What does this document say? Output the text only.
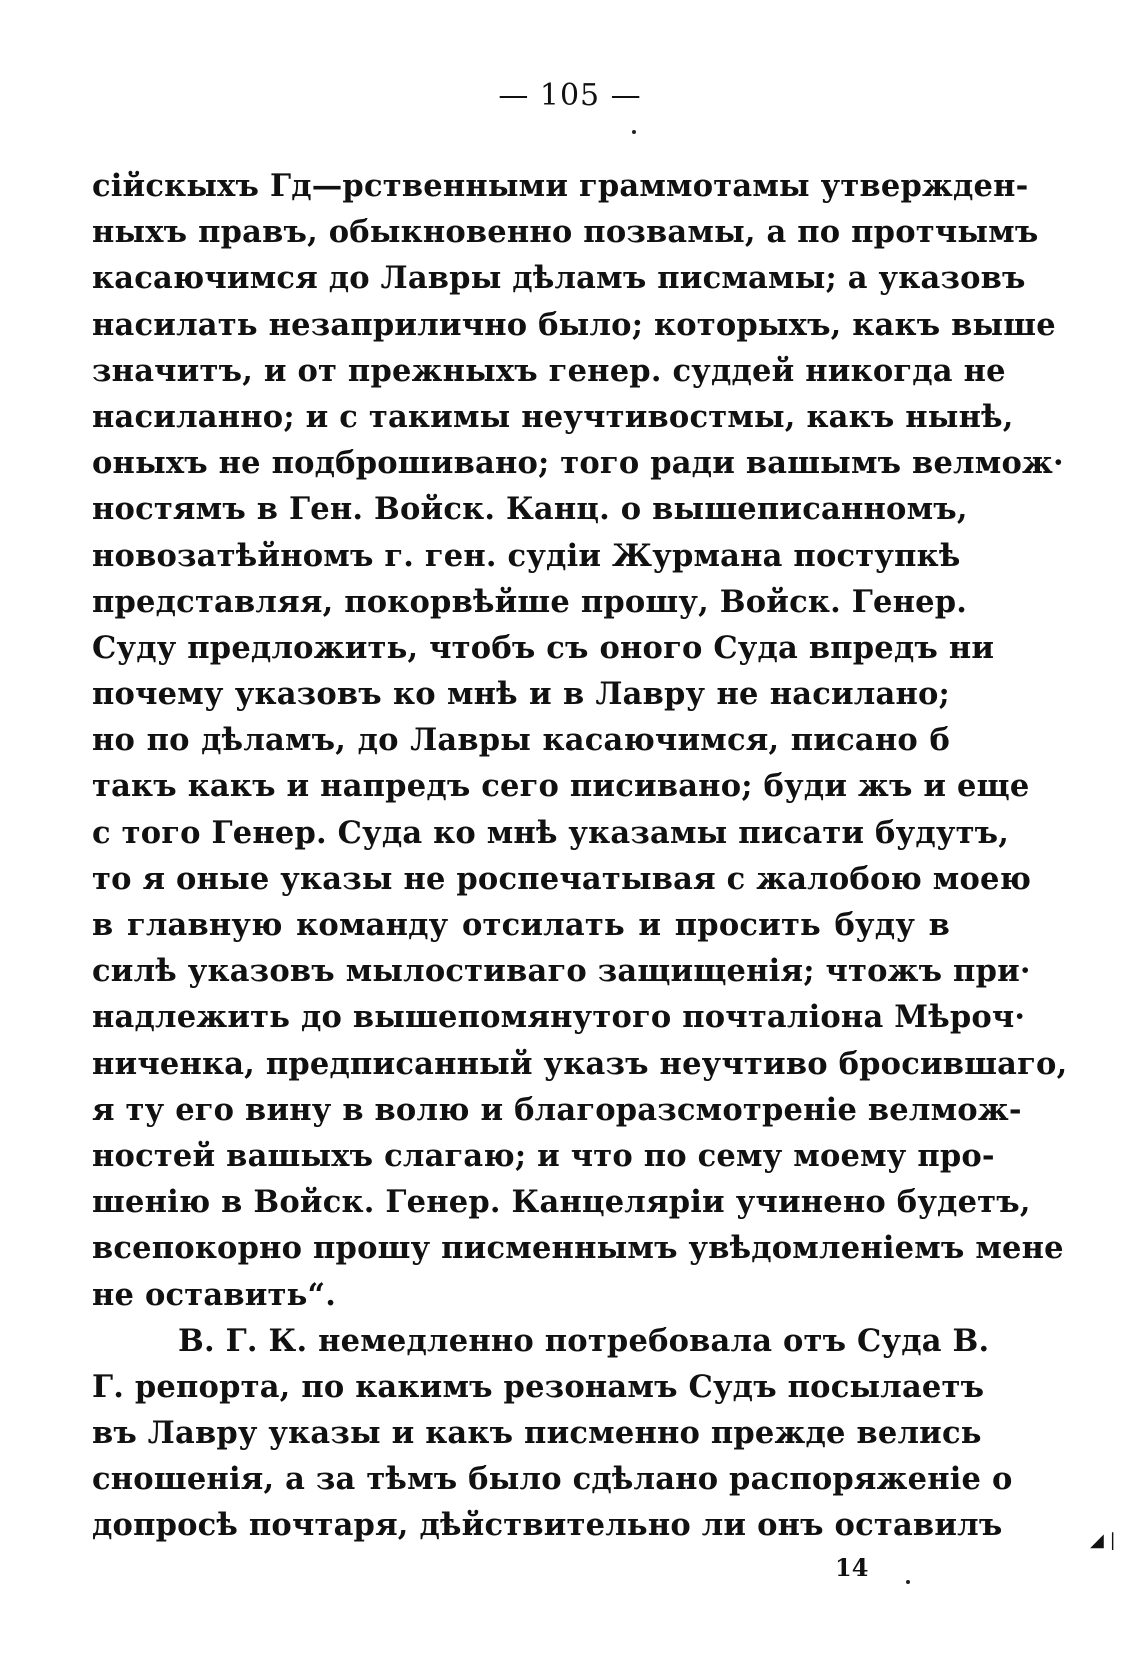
— 105 —
сійскыхъ Гд—рственными граммотамы утвержден-
ныхъ правъ, обыкновенно позвамы, а по протчымъ
касаючимся до Лавры дѣламъ писмамы; а указовъ
насилать незаприлично было; которыхъ, какъ выше
значитъ, и от прежныхъ генер. суддей никогда не
насиланно; и с такимы неучтивостмы, какъ нынѣ,
оныхъ не подброшивано; того ради вашымъ велмож·
ностямъ в Ген. Войск. Канц. о вышеписанномъ,
новозатѣйномъ г. ген. судіи Журмана поступкѣ
представляя, покорвѣйше прошу, Войск. Генер.
Суду предложить, чтобъ съ оного Суда впредъ ни
почему указовъ ко мнѣ и в Лавру не насилано;
но по дѣламъ, до Лавры касаючимся, писано б
такъ какъ и напредъ сего писивано; буди жъ и еще
с того Генер. Суда ко мнѣ указамы писати будутъ,
то я оные указы не роспечатывая с жалобою моею
в главную команду отсилать и просить буду в
силѣ указовъ мылостиваго защищенія; чтожъ при·
надлежить до вышепомянутого почталіона Мѣроч·
ниченка, предписанный указъ неучтиво бросившаго,
я ту его вину в волю и благоразсмотреніе велмож-
ностей вашыхъ слагаю; и что по сему моему про-
шенію в Войск. Генер. Канцеляріи учинено будетъ,
всепокорно прошу писменнымъ увѣдомленіемъ мене
не оставить“.
В. Г. К. немедленно потребовала отъ Суда В.
Г. репорта, по какимъ резонамъ Судъ посылаетъ
въ Лавру указы и какъ писменно прежде велись
сношенія, а за тѣмъ было сдѣлано распоряженіе о
допросѣ почтаря, дѣйствительно ли онъ оставилъ
14
◢ |
